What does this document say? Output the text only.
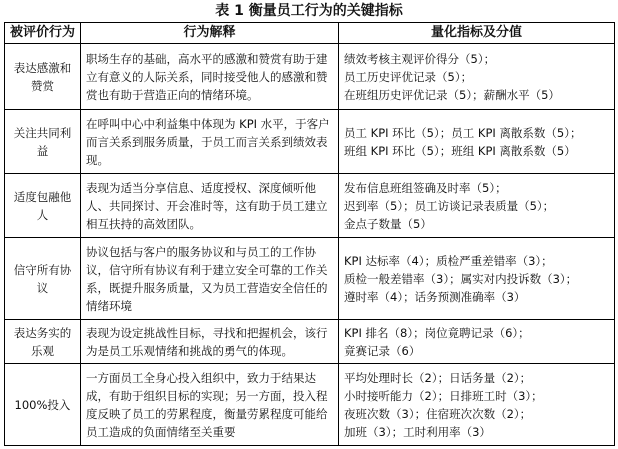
表 1 衡量员工行为的关键指标
被评价行为	行为解释	量化指标及分值
表达感激和赞赏	职场生存的基础，高水平的感激和赞赏有助于建立有意义的人际关系，同时接受他人的感激和赞赏也有助于营造正向的情绪环境。	绩效考核主观评价得分（5）；
员工历史评优记录（5）；
在班组历史评优记录（5）；薪酬水平（5）

关注共同利益	在呼叫中心中利益集中体现为 KPI 水平，于客户而言关系到服务质量，于员工而言关系到绩效表现。	员工 KPI 环比（5）；员工 KPI 离散系数（5）；
班组 KPI 环比（5）；班组 KPI 离散系数（5）

适度包融他人	表现为适当分享信息、适度授权、深度倾听他人、共同探讨、开会准时等，这有助于员工建立相互扶持的高效团队。	发布信息班组签确及时率（5）；
迟到率（5）；员工访谈记录表质量（5）；
金点子数量（5）

信守所有协议	协议包括与客户的服务协议和与员工的工作协议，信守所有协议有利于建立安全可靠的工作关系，既提升服务质量，又为员工营造安全信任的情绪环境	KPI 达标率（4）；质检严重差错率（3）；
质检一般差错率（3）；属实对内投诉数（3）；
遵时率（4）；话务预测准确率（3）

表达务实的乐观	表现为设定挑战性目标，寻找和把握机会，该行为是员工乐观情绪和挑战的勇气的体现。	KPI 排名（8）；岗位竟聘记录（6）；
竟赛记录（6）

100%投入	一方面员工全身心投入组织中，致力于结果达成，有助于组织目标的实现；另一方面，投入程度反映了员工的劳累程度，衡量劳累程度可能给员工造成的负面情绪至关重要	平均处理时长（2）；日话务量（2）；
小时接听能力（2）；日排班工时（3）；
夜班次数（3）；住宿班次次数（2）；
加班（3）；工时利用率（3）
